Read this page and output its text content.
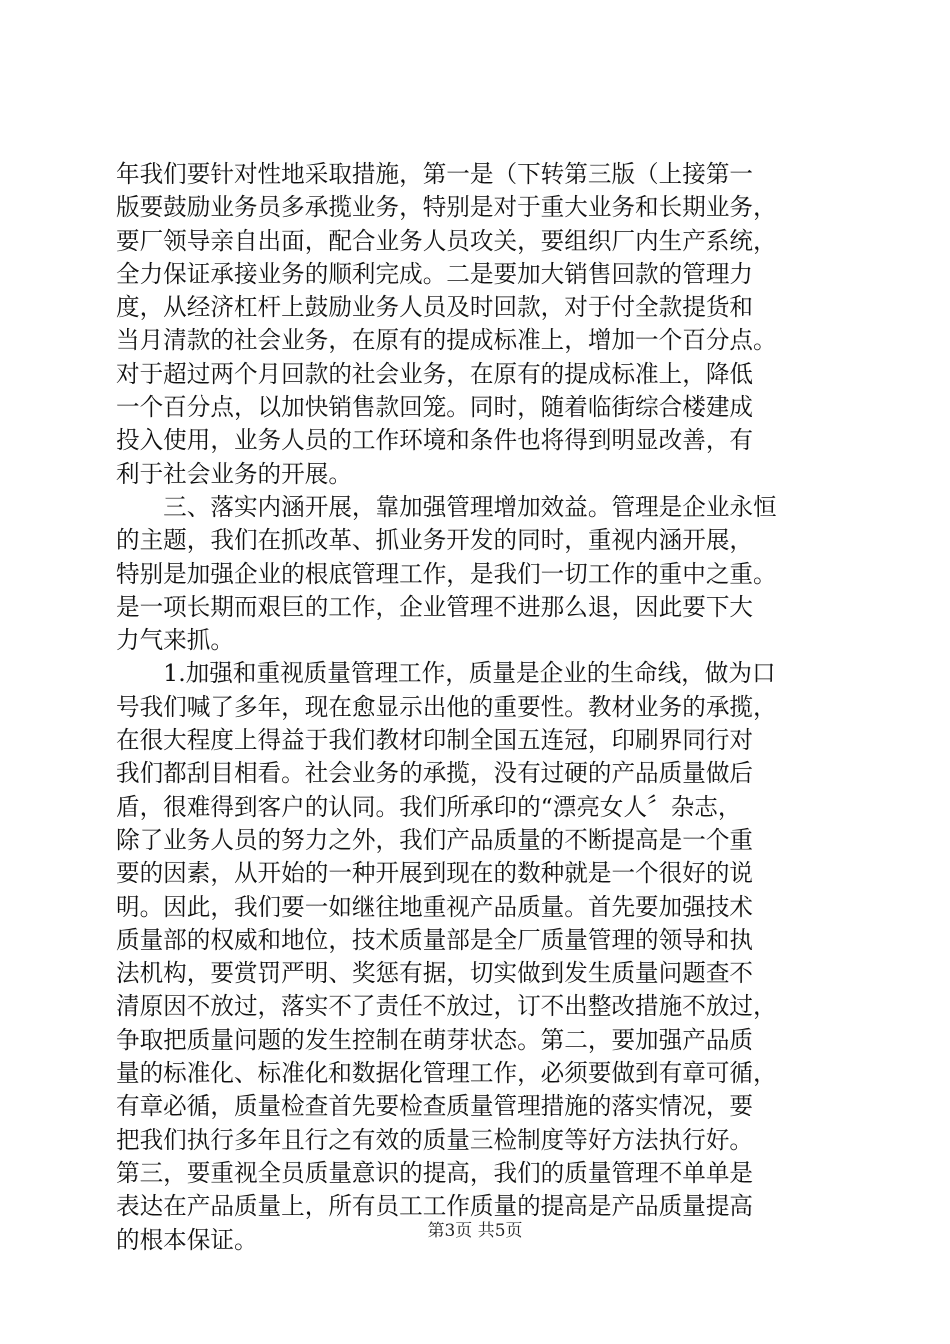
年我们要针对性地采取措施，第一是（下转第三版（上接第一
版要鼓励业务员多承揽业务，特别是对于重大业务和长期业务，
要厂领导亲自出面，配合业务人员攻关，要组织厂内生产系统，
全力保证承接业务的顺利完成。二是要加大销售回款的管理力
度，从经济杠杆上鼓励业务人员及时回款，对于付全款提货和
当月清款的社会业务，在原有的提成标准上，增加一个百分点。
对于超过两个月回款的社会业务，在原有的提成标准上，降低
一个百分点，以加快销售款回笼。同时，随着临街综合楼建成
投入使用，业务人员的工作环境和条件也将得到明显改善，有
利于社会业务的开展。
　　三、落实内涵开展，靠加强管理增加效益。管理是企业永恒
的主题，我们在抓改革、抓业务开发的同时，重视内涵开展，
特别是加强企业的根底管理工作，是我们一切工作的重中之重。
是一项长期而艰巨的工作，企业管理不进那么退，因此要下大
力气来抓。
　　1.加强和重视质量管理工作，质量是企业的生命线，做为口
号我们喊了多年，现在愈显示出他的重要性。教材业务的承揽，
在很大程度上得益于我们教材印制全国五连冠，印刷界同行对
我们都刮目相看。社会业务的承揽，没有过硬的产品质量做后
盾，很难得到客户的认同。我们所承印的“漂亮女人〞杂志，
除了业务人员的努力之外，我们产品质量的不断提高是一个重
要的因素，从开始的一种开展到现在的数种就是一个很好的说
明。因此，我们要一如继往地重视产品质量。首先要加强技术
质量部的权威和地位，技术质量部是全厂质量管理的领导和执
法机构，要赏罚严明、奖惩有据，切实做到发生质量问题查不
清原因不放过，落实不了责任不放过，订不出整改措施不放过，
争取把质量问题的发生控制在萌芽状态。第二，要加强产品质
量的标准化、标准化和数据化管理工作，必须要做到有章可循，
有章必循，质量检查首先要检查质量管理措施的落实情况，要
把我们执行多年且行之有效的质量三检制度等好方法执行好。
第三，要重视全员质量意识的提高，我们的质量管理不单单是
表达在产品质量上，所有员工工作质量的提高是产品质量提高
的根本保证。	第3页 共5页
